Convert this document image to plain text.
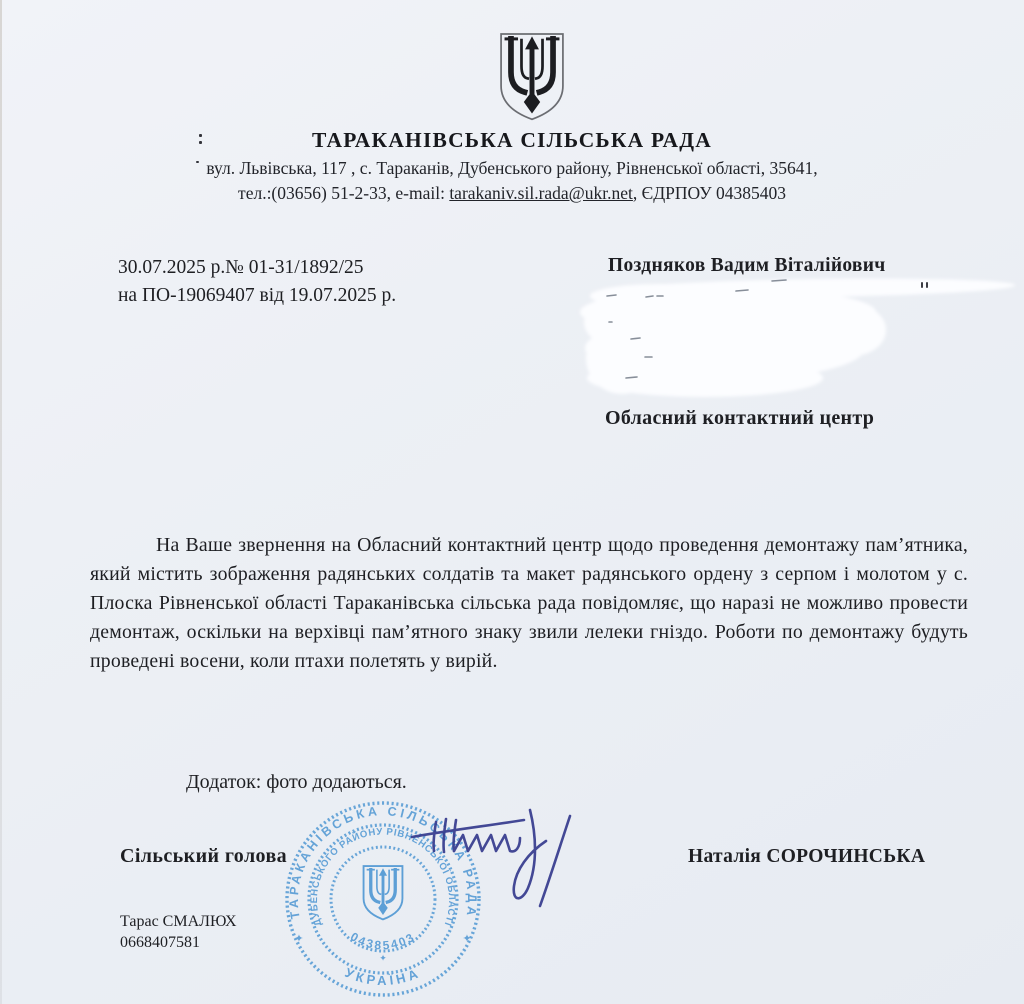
ТАРАКАНІВСЬКА СІЛЬСЬКА РАДА
вул. Львівська, 117 , с. Тараканів, Дубенського району, Рівненської області, 35641,
тел.:(03656) 51-2-33, e-mail: tarakaniv.sil.rada@ukr.net, ЄДРПОУ 04385403
30.07.2025 р.№ 01-31/1892/25
на ПО-19069407 від 19.07.2025 р.
Поздняков Вадим Віталійович
Обласний контактний центр
На Ваше звернення на Обласний контактний центр щодо проведення демонтажу пам’ятника, який містить зображення радянських солдатів та макет радянського ордену з серпом і молотом у с. Плоска Рівненської області Тараканівська сільська рада повідомляє, що наразі не можливо провести демонтаж, оскільки на верхівці пам’ятного знаку звили лелеки гніздо. Роботи по демонтажу будуть проведені восени, коли птахи полетять у вирій.
Додаток: фото додаються.
Сільський голова	Наталія СОРОЧИНСЬКА
Тарас СМАЛЮХ
0668407581
ТАРАКАНІВСЬКА СІЛЬСЬКА РАДА
ДУБЕНСЬКОГО РАЙОНУ РІВНЕНСЬКОЇ ОБЛАСТІ
УКРАЇНА
04385403
✦	✦
✦
